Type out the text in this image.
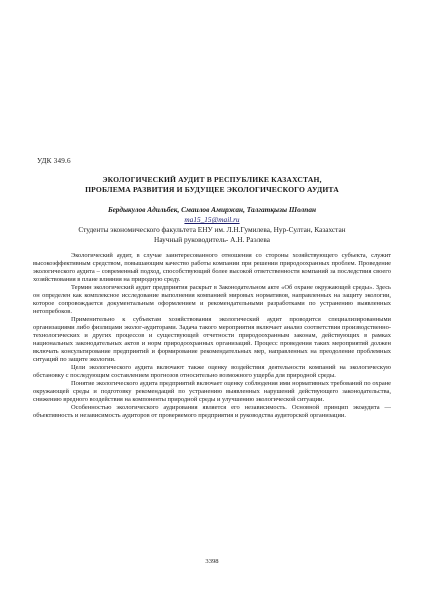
УДК 349.6
ЭКОЛОГИЧЕСКИЙ АУДИТ В РЕСПУБЛИКЕ КАЗАХСТАН,
ПРОБЛЕМА РАЗВИТИЯ И БУДУЩЕЕ ЭКОЛОГИЧЕСКОГО АУДИТА
Бердыкулов Адильбек, Смаилов Амиржан, Талгатқызы Шолпан
ma15_15@mail.ru
Студенты экономического факультета ЕНУ им. Л.Н.Гумилева, Нур-Султан, Казахстан
Научный руководитель- А.Н. Раэлева

Экологический аудит, в случае заинтересованного отношения со стороны хозяйствующего субъекта, служит высокоэффективным средством, повышающим качество работы компании при решении природоохранных проблем. Проведение экологического аудита – современный подход, способствующий более высокой ответственности компаний за последствия своего хозяйствования в плане влияния на природную среду.

Термин экологический аудит предприятия раскрыт в Законодательном акте «Об охране окружающей среды». Здесь он определен как комплексное исследование выполнения компанией мировых нормативов, направленных на защиту экологии, которое сопровождается документальным оформлением и рекомендательными разработками по устранению выявленных нетопребоков.

Применительно к субъектам хозяйствования экологический аудит проводится специализированными организациями либо физлицами эколог-аудиторами. Задача такого мероприятия включает анализ соответствия производственно-технологических и других процессов и существующей отчетности природоохранным законам, действующих в рамках национальных законодательных актов и норм природоохранных организаций. Процесс проведения таких мероприятий должен включать консультирование предприятий и формирование рекомендательных мер, направленных на преодоление проблемных ситуаций по защите экологии.

Цели экологического аудита включают также оценку воздействия деятельности компаний на экологическую обстановку с последующим составлением прогнозов относительно возможного ущерба для природной среды.

Понятие экологического аудита предприятий включает оценку соблюдения ими нормативных требований по охране окружающей среды и подготовку рекомендаций по устранению выявленных нарушений действующего законодательства, снижению вредного воздействия на компоненты природной среды и улучшению экологической ситуации.

Особенностью экологического аудирования является его независимость. Основной принцип экоаудита — объективность и независимость аудиторов от проверяемого предприятия и руководства аудиторской организации.

3398
